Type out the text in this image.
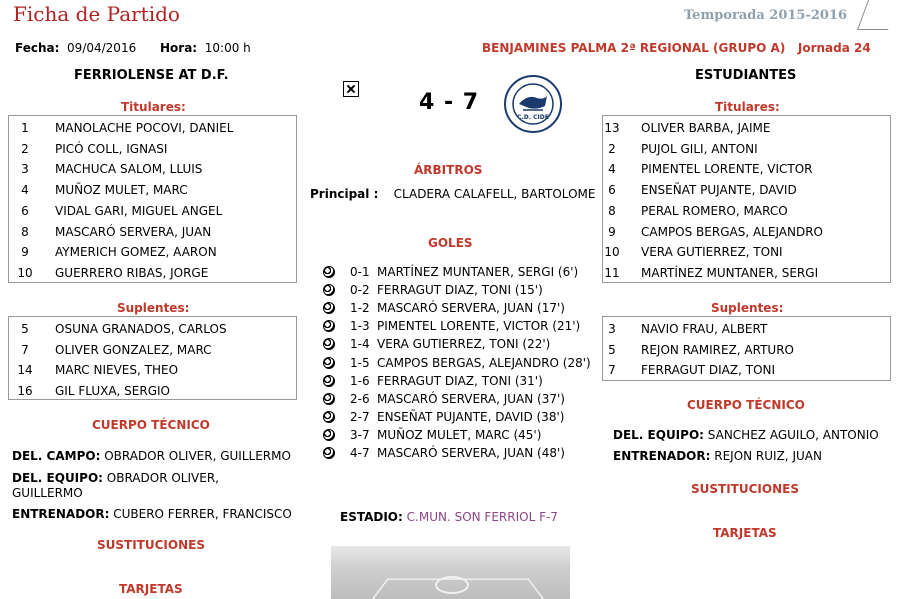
Ficha de Partido	Temporada 2015-2016
Fecha: 09/04/2016 Hora: 10:00 h	BENJAMINES PALMA 2ª REGIONAL (GRUPO A) Jornada 24
FERRIOLENSE AT D.F.	ESTUDIANTES
4 - 7
C.D. CIDE
Titulares:
1	MANOLACHE POCOVI, DANIEL
2	PICÓ COLL, IGNASI
3	MACHUCA SALOM, LLUIS
4	MUÑOZ MULET, MARC
6	VIDAL GARI, MIGUEL ANGEL
8	MASCARÓ SERVERA, JUAN
9	AYMERICH GOMEZ, AARON
10	GUERRERO RIBAS, JORGE
Suplentes:
5	OSUNA GRANADOS, CARLOS
7	OLIVER GONZALEZ, MARC
14	MARC NIEVES, THEO
16	GIL FLUXA, SERGIO
CUERPO TÉCNICO
DEL. CAMPO: OBRADOR OLIVER, GUILLERMO
DEL. EQUIPO: OBRADOR OLIVER, GUILLERMO
ENTRENADOR: CUBERO FERRER, FRANCISCO
SUSTITUCIONES
TARJETAS
Titulares:
13	OLIVER BARBA, JAIME
2	PUJOL GILI, ANTONI
4	PIMENTEL LORENTE, VICTOR
6	ENSEÑAT PUJANTE, DAVID
8	PERAL ROMERO, MARCO
9	CAMPOS BERGAS, ALEJANDRO
10	VERA GUTIERREZ, TONI
11	MARTÍNEZ MUNTANER, SERGI
Suplentes:
3	NAVIO FRAU, ALBERT
5	REJON RAMIREZ, ARTURO
7	FERRAGUT DIAZ, TONI
CUERPO TÉCNICO
DEL. EQUIPO: SANCHEZ AGUILO, ANTONIO
ENTRENADOR: REJON RUIZ, JUAN
SUSTITUCIONES
TARJETAS
ÁRBITROS
Principal : CLADERA CALAFELL, BARTOLOME
GOLES
0-1 MARTÍNEZ MUNTANER, SERGI (6')
0-2 FERRAGUT DIAZ, TONI (15')
1-2 MASCARÓ SERVERA, JUAN (17')
1-3 PIMENTEL LORENTE, VICTOR (21')
1-4 VERA GUTIERREZ, TONI (22')
1-5 CAMPOS BERGAS, ALEJANDRO (28')
1-6 FERRAGUT DIAZ, TONI (31')
2-6 MASCARÓ SERVERA, JUAN (37')
2-7 ENSEÑAT PUJANTE, DAVID (38')
3-7 MUÑOZ MULET, MARC (45')
4-7 MASCARÓ SERVERA, JUAN (48')
ESTADIO: C.MUN. SON FERRIOL F-7
